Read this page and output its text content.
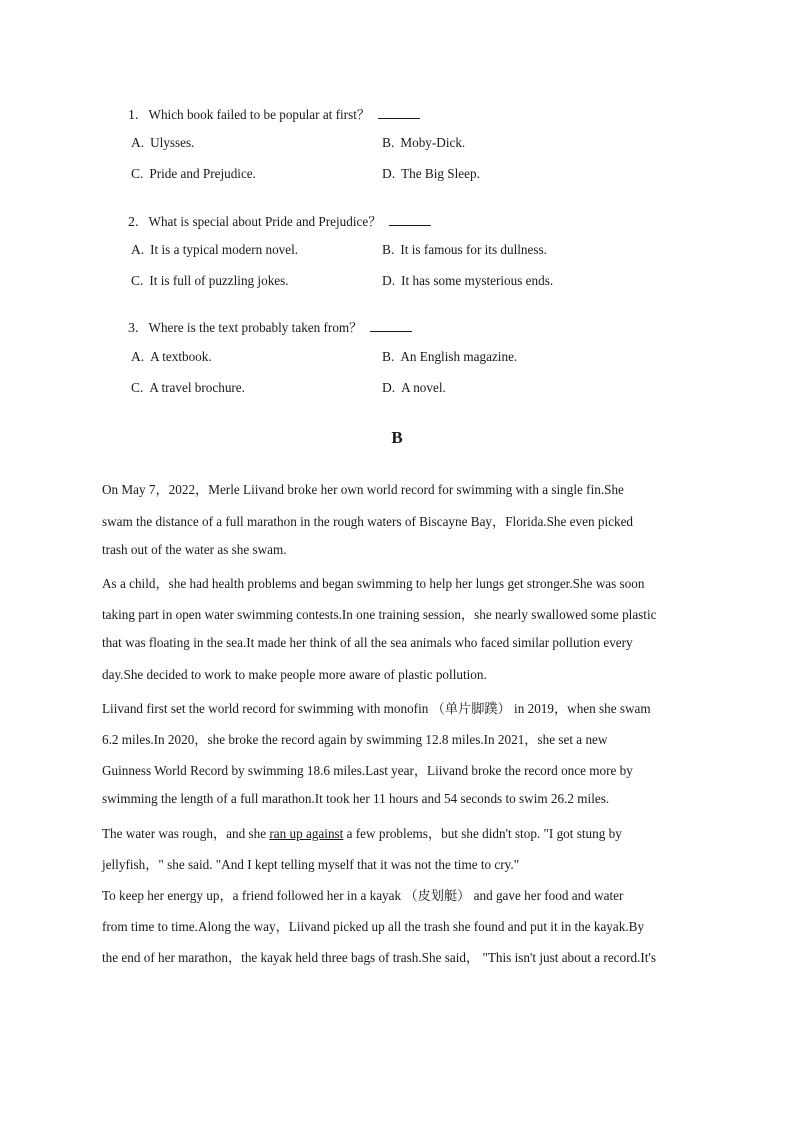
1. Which book failed to be popular at first？
A. Ulysses.	B. Moby-Dick.
C. Pride and Prejudice.	D. The Big Sleep.
2. What is special about Pride and Prejudice？
A. It is a typical modern novel.	B. It is famous for its dullness.
C. It is full of puzzling jokes.	D. It has some mysterious ends.
3. Where is the text probably taken from？
A. A textbook.	B. An English magazine.
C. A travel brochure.	D. A novel.
B
On May 7，2022，Merle Liivand broke her own world record for swimming with a single fin.She
swam the distance of a full marathon in the rough waters of Biscayne Bay，Florida.She even picked
trash out of the water as she swam.
As a child，she had health problems and began swimming to help her lungs get stronger.She was soon
taking part in open water swimming contests.In one training session，she nearly swallowed some plastic
that was floating in the sea.It made her think of all the sea animals who faced similar pollution every
day.She decided to work to make people more aware of plastic pollution.
Liivand first set the world record for swimming with monofin （单片脚蹼） in 2019，when she swam
6.2 miles.In 2020，she broke the record again by swimming 12.8 miles.In 2021，she set a new
Guinness World Record by swimming 18.6 miles.Last year，Liivand broke the record once more by
swimming the length of a full marathon.It took her 11 hours and 54 seconds to swim 26.2 miles.
The water was rough，and she ran up against a few problems，but she didn't stop. "I got stung by
jellyfish，" she said. "And I kept telling myself that it was not the time to cry."
To keep her energy up，a friend followed her in a kayak （皮划艇） and gave her food and water
from time to time.Along the way，Liivand picked up all the trash she found and put it in the kayak.By
the end of her marathon，the kayak held three bags of trash.She said， "This isn't just about a record.It's
